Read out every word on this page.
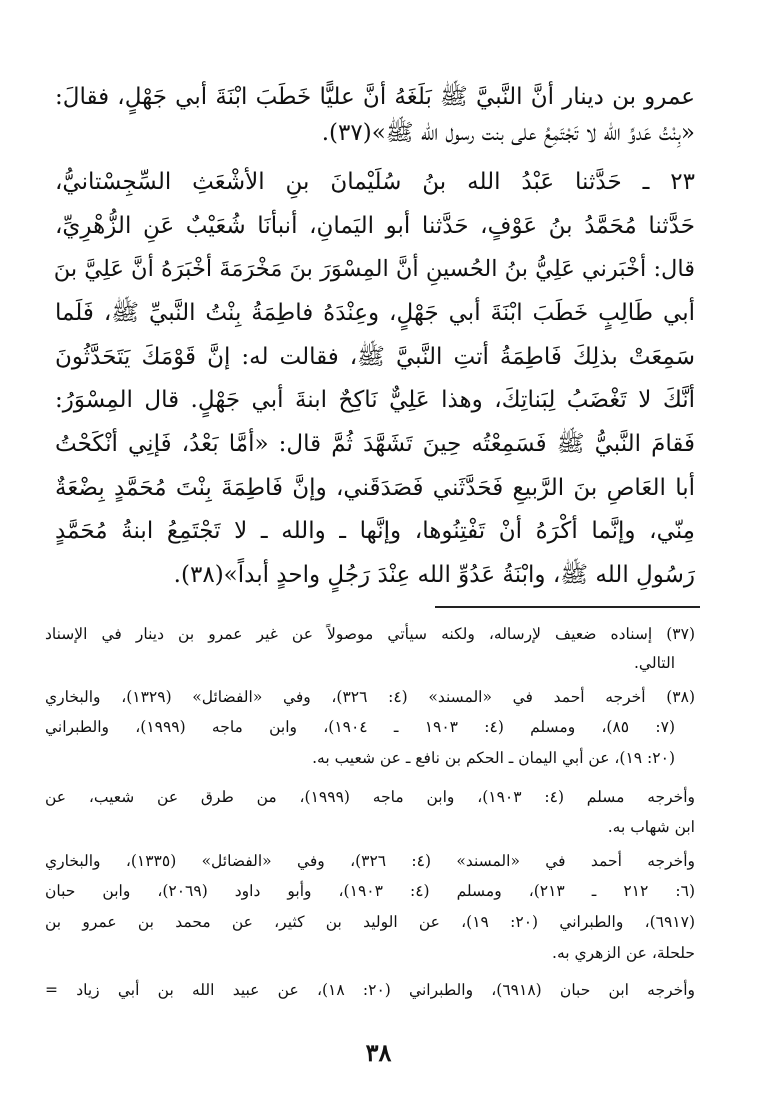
عمرو بن دينار أنَّ النَّبيَّ ﷺ بَلَغَهُ أنَّ عليًّا خَطَبَ ابْنَةَ أبي جَهْلٍ، فقالَ:
«بِنْتُ عَدوِّ الله لا تَجْتَمِعُ على بنت رسول الله ﷺ»(٣٧).
٢٣ ـ حَدَّثنا عَبْدُ الله بنُ سُلَيْمانَ بنِ الأشْعَثِ السِّجِسْتانيُّ،
حَدَّثنا مُحَمَّدُ بنُ عَوْفٍ، حَدَّثنا أبو اليَمانِ، أنبأنَا شُعَيْبٌ عَنِ الزُّهْرِيِّ،
قال: أخْبَرني عَلِيُّ بنُ الحُسينِ أنَّ المِسْوَرَ بنَ مَخْرَمَةَ أخْبَرَهُ أنَّ عَلِيَّ بنَ
أبي طَالِبٍ خَطَبَ ابْنَةَ أبي جَهْلٍ، وعِنْدَهُ فاطِمَةُ بِنْتُ النَّبيِّ ﷺ، فَلَما
سَمِعَتْ بذلِكَ فَاطِمَةُ أتتِ النَّبيَّ ﷺ، فقالت له: إنَّ قَوْمَكَ يَتَحَدَّثُونَ
أنَّكَ لا تَغْضَبُ لِبَناتِكَ، وهذا عَلِيٌّ نَاكِحٌ ابنةَ أبي جَهْلٍ. قال المِسْوَرُ:
فَقامَ النَّبيُّ ﷺ فَسَمِعْتُه حِينَ تَشَهَّدَ ثُمَّ قال: «أمَّا بَعْدُ، فَإنِي أنْكَحْتُ
أبا العَاصِ بنَ الرَّبيعِ فَحَدَّثَني فَصَدَقَني، وإنَّ فَاطِمَةَ بِنْتَ مُحَمَّدٍ بِضْعَةٌ
مِنّي، وإنَّما أكْرَهُ أنْ تَفْتِنُوها، وإنَّها ـ والله ـ لا تَجْتَمِعُ ابنةُ مُحَمَّدٍ
رَسُولِ الله ﷺ، وابْنَةُ عَدُوِّ الله عِنْدَ رَجُلٍ واحدٍ أبداً»(٣٨).
(٣٧) إسناده ضعيف لإرساله، ولكنه سيأتي موصولاً عن غير عمرو بن دينار في الإسناد
التالي.
(٣٨) أخرجه أحمد في «المسند» (٤: ٣٢٦)، وفي «الفضائل» (١٣٢٩)، والبخاري
(٧: ٨٥)، ومسلم (٤: ١٩٠٣ ـ ١٩٠٤)، وابن ماجه (١٩٩٩)، والطبراني
(٢٠: ١٩)، عن أبي اليمان ـ الحكم بن نافع ـ عن شعيب به.
وأخرجه مسلم (٤: ١٩٠٣)، وابن ماجه (١٩٩٩)، من طرق عن شعيب، عن
ابن شهاب به.
وأخرجه أحمد في «المسند» (٤: ٣٢٦)، وفي «الفضائل» (١٣٣٥)، والبخاري
(٦: ٢١٢ ـ ٢١٣)، ومسلم (٤: ١٩٠٣)، وأبو داود (٢٠٦٩)، وابن حبان
(٦٩١٧)، والطبراني (٢٠: ١٩)، عن الوليد بن كثير، عن محمد بن عمرو بن
حلحلة، عن الزهري به.
وأخرجه ابن حبان (٦٩١٨)، والطبراني (٢٠: ١٨)، عن عبيد الله بن أبي زياد =
٣٨
